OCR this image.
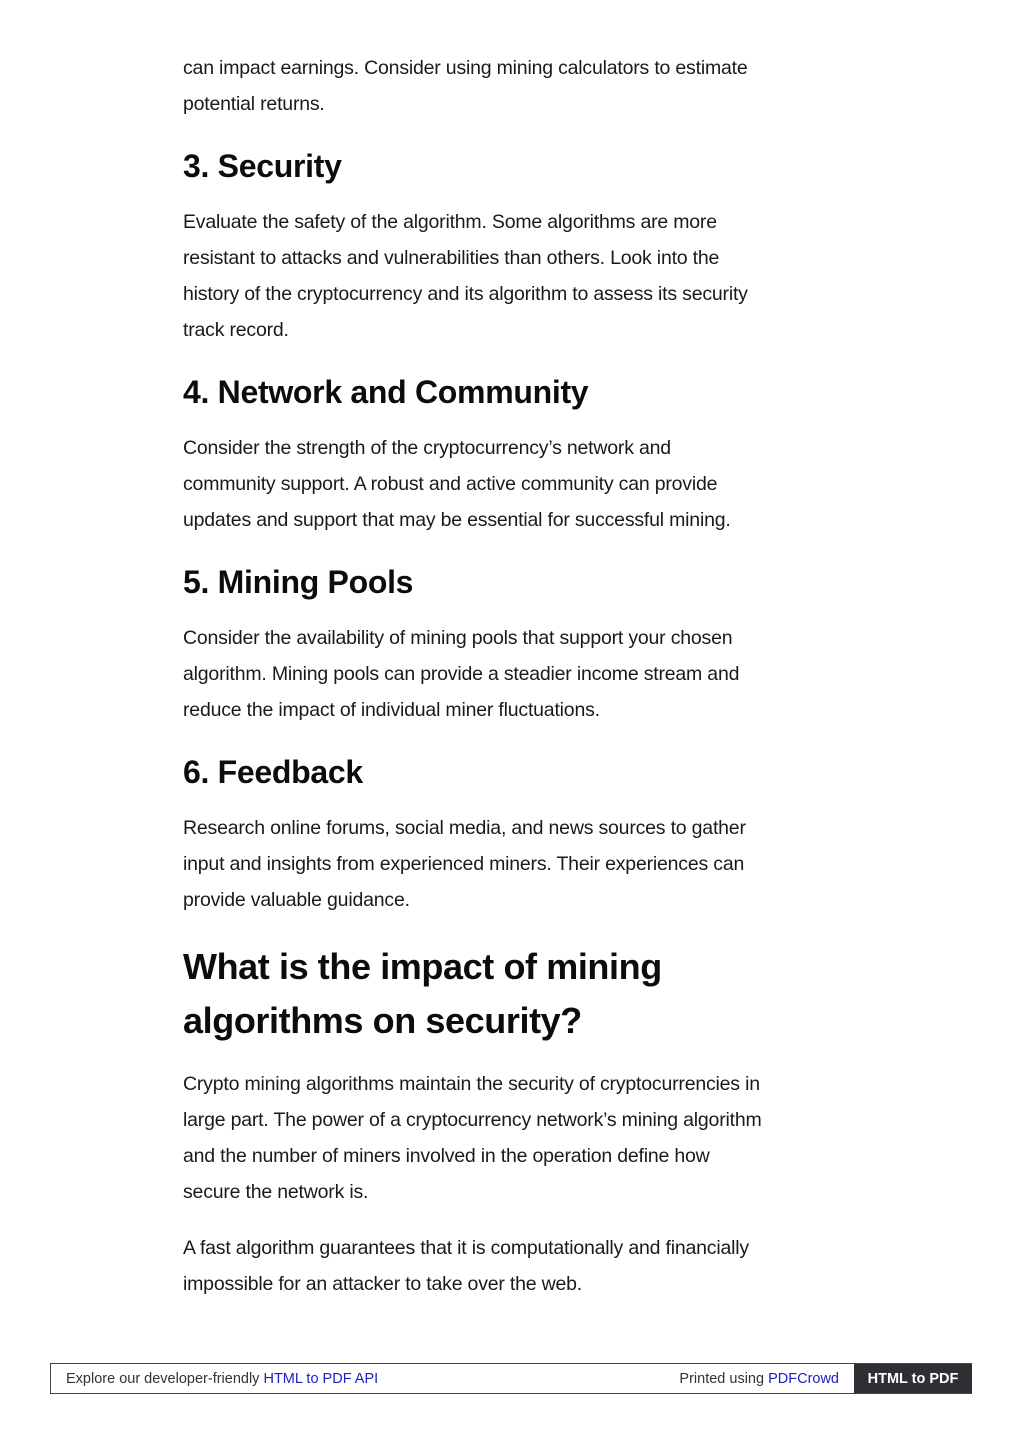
can impact earnings. Consider using mining calculators to estimate
potential returns.

3. Security

Evaluate the safety of the algorithm. Some algorithms are more
resistant to attacks and vulnerabilities than others. Look into the
history of the cryptocurrency and its algorithm to assess its security
track record.

4. Network and Community

Consider the strength of the cryptocurrency’s network and
community support. A robust and active community can provide
updates and support that may be essential for successful mining.

5. Mining Pools

Consider the availability of mining pools that support your chosen
algorithm. Mining pools can provide a steadier income stream and
reduce the impact of individual miner fluctuations.

6. Feedback

Research online forums, social media, and news sources to gather
input and insights from experienced miners. Their experiences can
provide valuable guidance.

What is the impact of mining
algorithms on security?

Crypto mining algorithms maintain the security of cryptocurrencies in
large part. The power of a cryptocurrency network’s mining algorithm
and the number of miners involved in the operation define how
secure the network is.

A fast algorithm guarantees that it is computationally and financially
impossible for an attacker to take over the web.

Explore our developer-friendly HTML to PDF API	Printed using PDFCrowd	HTML to PDF
